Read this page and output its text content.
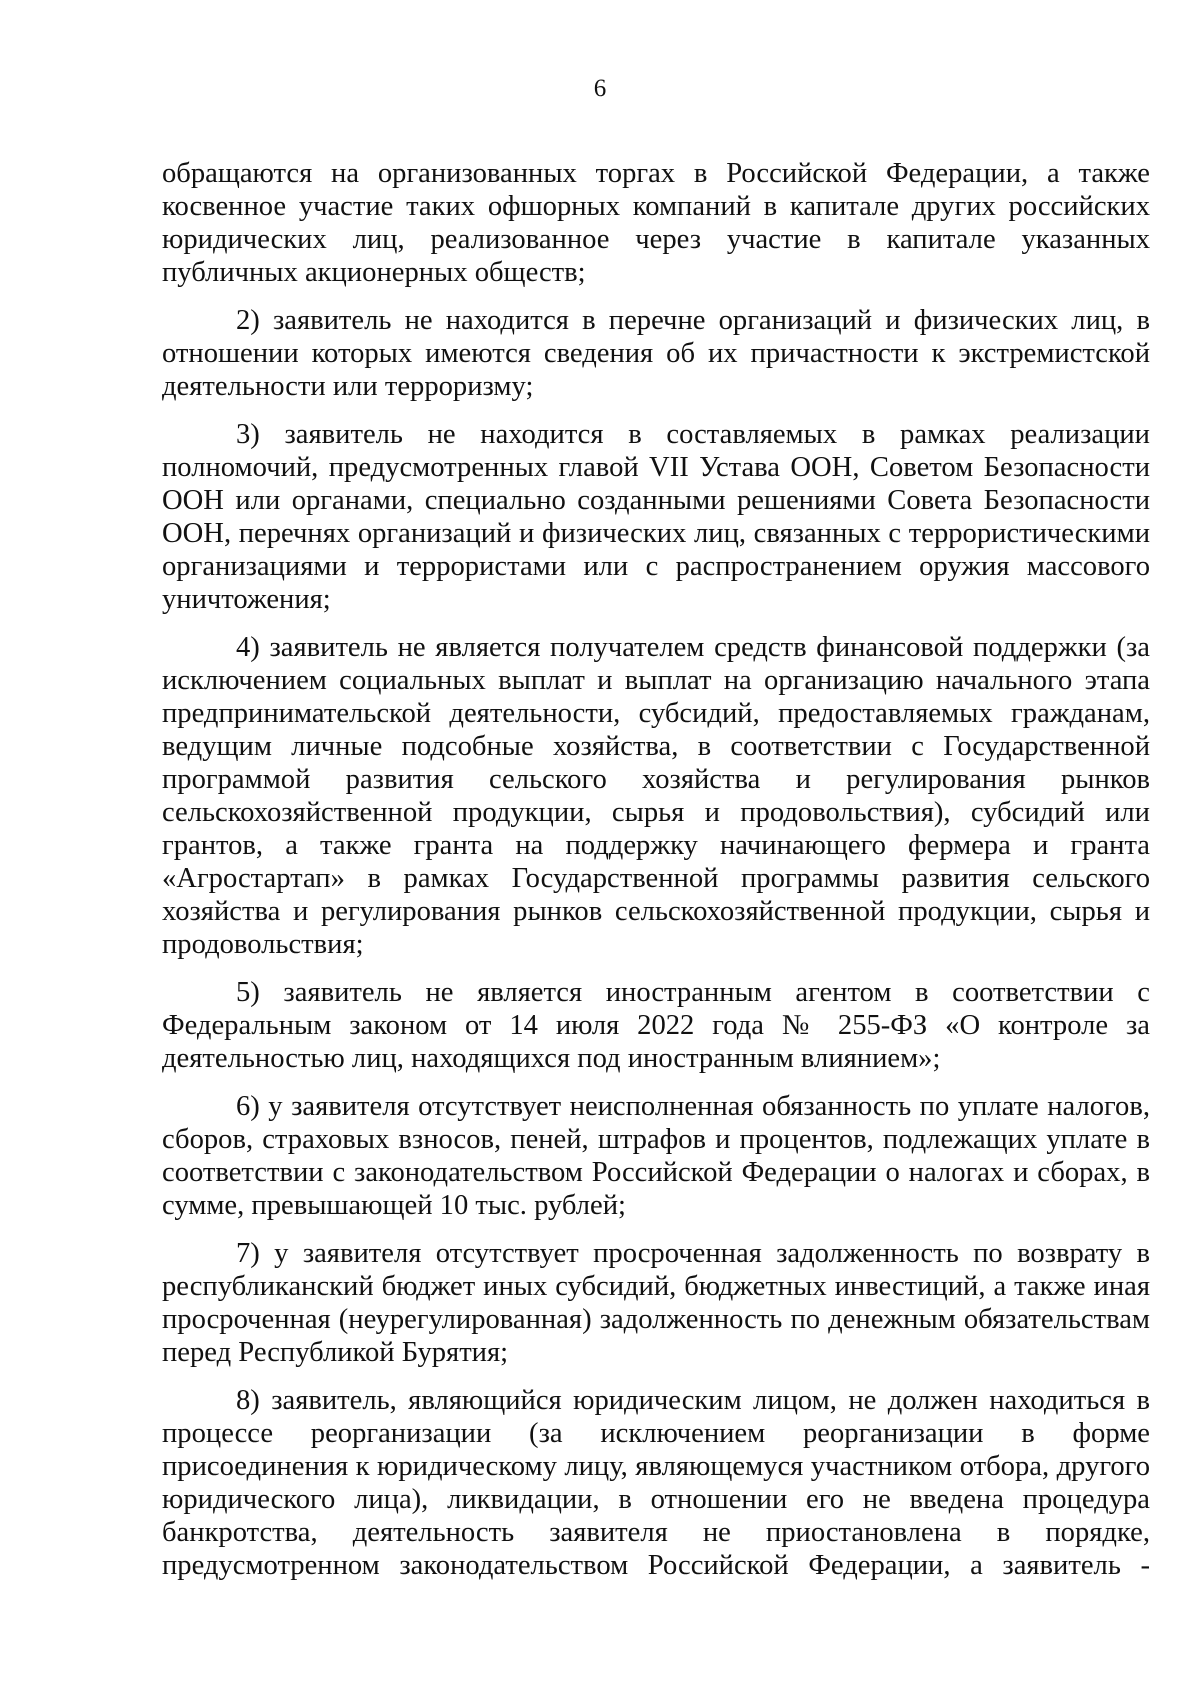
6

обращаются на организованных торгах в Российской Федерации, а также косвенное участие таких офшорных компаний в капитале других российских юридических лиц, реализованное через участие в капитале указанных публичных акционерных обществ;

2) заявитель не находится в перечне организаций и физических лиц, в отношении которых имеются сведения об их причастности к экстремистской деятельности или терроризму;

3) заявитель не находится в составляемых в рамках реализации полномочий, предусмотренных главой VII Устава ООН, Советом Безопасности ООН или органами, специально созданными решениями Совета Безопасности ООН, перечнях организаций и физических лиц, связанных с террористическими организациями и террористами или с распространением оружия массового уничтожения;

4) заявитель не является получателем средств финансовой поддержки (за исключением социальных выплат и выплат на организацию начального этапа предпринимательской деятельности, субсидий, предоставляемых гражданам, ведущим личные подсобные хозяйства, в соответствии с Государственной программой развития сельского хозяйства и регулирования рынков сельскохозяйственной продукции, сырья и продовольствия), субсидий или грантов, а также гранта на поддержку начинающего фермера и гранта «Агростартап» в рамках Государственной программы развития сельского хозяйства и регулирования рынков сельскохозяйственной продукции, сырья и продовольствия;

5) заявитель не является иностранным агентом в соответствии с Федеральным законом от 14 июля 2022 года № 255-ФЗ «О контроле за деятельностью лиц, находящихся под иностранным влиянием»;

6) у заявителя отсутствует неисполненная обязанность по уплате налогов, сборов, страховых взносов, пеней, штрафов и процентов, подлежащих уплате в соответствии с законодательством Российской Федерации о налогах и сборах, в сумме, превышающей 10 тыс. рублей;

7) у заявителя отсутствует просроченная задолженность по возврату в республиканский бюджет иных субсидий, бюджетных инвестиций, а также иная просроченная (неурегулированная) задолженность по денежным обязательствам перед Республикой Бурятия;

8) заявитель, являющийся юридическим лицом, не должен находиться в процессе реорганизации (за исключением реорганизации в форме присоединения к юридическому лицу, являющемуся участником отбора, другого юридического лица), ликвидации, в отношении его не введена процедура банкротства, деятельность заявителя не приостановлена в порядке, предусмотренном законодательством Российской Федерации, а заявитель -
